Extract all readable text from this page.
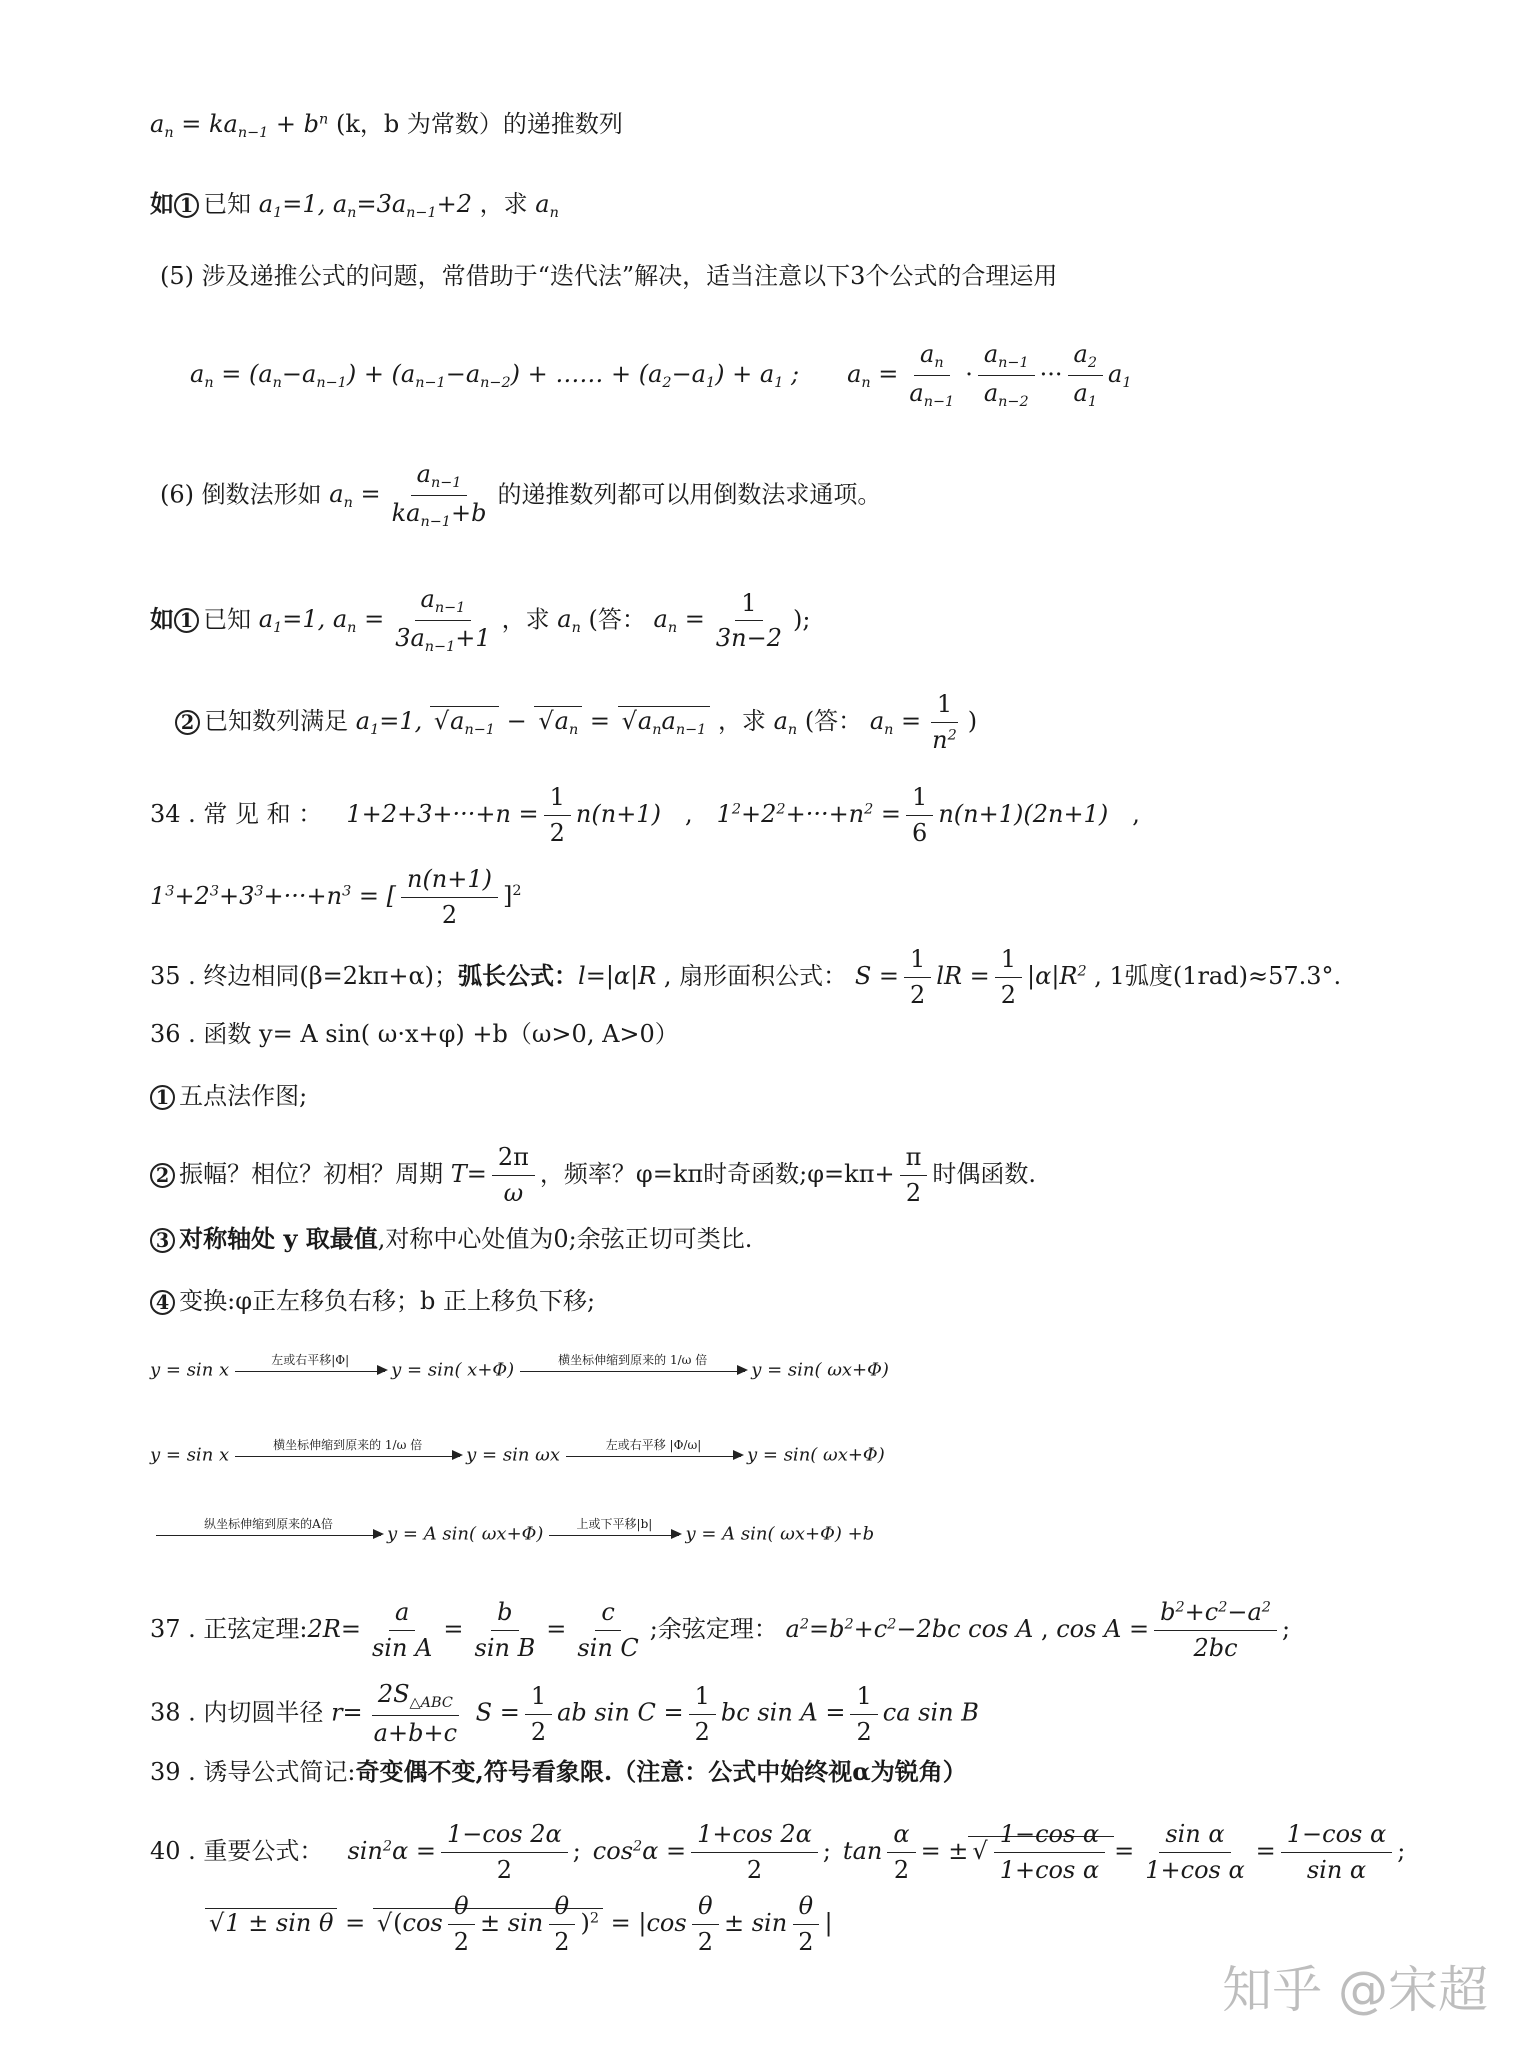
$a_n = ka_{n-1} + b^n$ (k，b 为常数）的递推数列
如 1 已知 $a_1=1$, $a_n=3a_{n-1}+2$ ，求 $a_n$
(5) 涉及递推公式的问题，常借助于“迭代法”解决，适当注意以下3个公式的合理运用
$a_n = (a_n-a_{n-1}) + (a_{n-1}-a_{n-2})$ + …… + $(a_2-a_1) + a_1$ ;   $a_n = \frac{a_n}{a_{n-1}} \cdot \frac{a_{n-1}}{a_{n-2}}$ ··· $\frac{a_2}{a_1} a_1$
(6) 倒数法形如 $a_n$ =
$a_{n-1}$
$ka_{n-1}+b$
的递推数列都可以用倒数法求通项。
如 1 已知 $a_1=1$, $a_n = \frac{a_{n-1}}{3a_{n-1}+1}$ ，求 $a_n$ (答： $a_n = \frac{1}{3n-2}$ );
2 已知数列满足 $a_1=1$, √ $a_{n-1}$ − √ $a_n$ = √ $a_na_{n-1}$ ，求 $a_n$ (答： $a_n = \frac{1}{n^2}$ )
34 . 常 见 和 ：  $1+2+3+\cdot\cdot\cdot+n = \frac{1}{2} n(n+1)$ , $1^2+2^2+\cdot\cdot\cdot+n^2 = \frac{1}{6} n(n+1)(2n+1)$ ,
$1^3+2^3+3^3+\cdot\cdot\cdot+n^3$ = [ $\frac{n(n+1)}{2} ]^2$
35 . 终边相同(β=2kπ+α)；弧长公式：l=|α|R , 扇形面积公式： $S = \frac{1}{2}$ lR = $\frac{1}{2} |\alpha|R^2$ , 1弧度(1rad)≈57.3°.
36 . 函数 y= A sin( ω·x+φ) +b（ω>0, A>0）
1 五点法作图;
2 振幅？相位？初相？周期 $T= \frac{2\pi}{\omega}$ ，频率？φ=kπ时奇函数;φ=kπ+ $\frac{\pi}{2}$ 时偶函数.
3 对称轴处 y 取最值,对称中心处值为0;余弦正切可类比.
4 变换:φ正左移负右移；b 正上移负下移;
y = sin x	左或右平移|Φ| y = sin( x+Φ)	横坐标伸缩到原来的 1/ω 倍 y = sin( ωx+Φ)
y = sin x	横坐标伸缩到原来的 1/ω 倍 y = sin ωx	左或右平移 |Φ/ω|	y = sin( ωx+Φ)
纵坐标伸缩到原来的A倍	y = A sin( ωx+Φ)	上或下平移|b| y = A sin( ωx+Φ) +b
37 . 正弦定理:2R= $\frac{a}{\text{sin A}} = \frac{b}{\text{sin B}} = \frac{c}{\text{sin C}}$ ;余弦定理： $a^2=b^2+c^2-2bc$ cos A , $\cos A = \frac{b^2+c^2-a^2}{2bc}$ ;
38 . 内切圆半径 r=
$2S_{\triangle ABC}$
a+b+c
$S = \frac{1}{2}$ ab $\sin C = \frac{1}{2}$ bc $\sin A = \frac{1}{2}$ ca sin B
39 . 诱导公式简记:奇变偶不变,符号看象限.（注意：公式中始终视α为锐角）
40 . 重要公式：  $\sin^2\alpha = \frac{1-\cos 2\alpha}{2}$ ; $\cos^2\alpha = \frac{1+\cos 2\alpha}{2}$ ; $\tan \frac{\alpha}{2}$ = ± √ $\frac{\text{1−cos α}}{\text{1+cos α}} = \frac{\text{sin α}}{\text{1+cos α}} = \frac{\text{1−cos α}}{\text{sin α}}$ ;
√ 1 ± sin θ = √ $(\cos \frac{\theta}{2} \pm \sin \frac{\theta}{2} )^2 = |\cos \frac{\theta}{2} \pm \sin \frac{\theta}{2}$ |
知乎 @宋超
